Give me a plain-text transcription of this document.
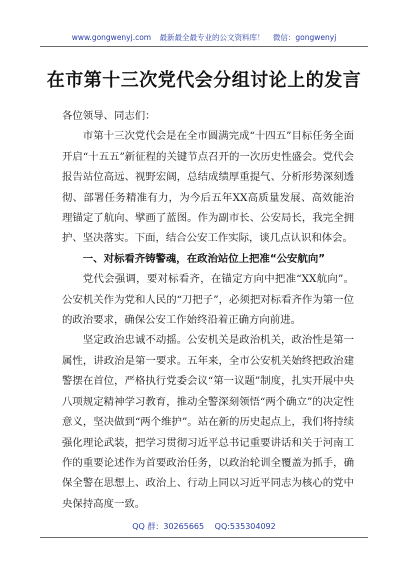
www.gongwenyj.com 最新最全最专业的公文资料库！ 微信：gongwenyj
在市第十三次党代会分组讨论上的发言

各位领导、同志们：

市第十三次党代会是在全市圆满完成“十四五”目标任务全面开启“十五五”新征程的关键节点召开的一次历史性盛会。党代会报告站位高远、视野宏阔，总结成绩厚重提气、分析形势深刻透彻、部署任务精准有力，为今后五年XX高质量发展、高效能治理锚定了航向、擘画了蓝图。作为副市长、公安局长，我完全拥护、坚决落实。下面，结合公安工作实际，谈几点认识和体会。

一、对标看齐铸警魂，在政治站位上把准“公安航向”

党代会强调，要对标看齐，在锚定方向中把准“XX航向”。公安机关作为党和人民的“刀把子”，必须把对标看齐作为第一位的政治要求，确保公安工作始终沿着正确方向前进。

坚定政治忠诚不动摇。公安机关是政治机关，政治性是第一属性，讲政治是第一要求。五年来，全市公安机关始终把政治建警摆在首位，严格执行党委会议“第一议题”制度，扎实开展中央八项规定精神学习教育，推动全警深刻领悟“两个确立”的决定性意义，坚决做到“两个维护”。站在新的历史起点上，我们将持续强化理论武装，把学习贯彻习近平总书记重要讲话和关于河南工作的重要论述作为首要政治任务，以政治轮训全覆盖为抓手，确保全警在思想上、政治上、行动上同以习近平同志为核心的党中央保持高度一致。

QQ 群：30265665 QQ:535304092
